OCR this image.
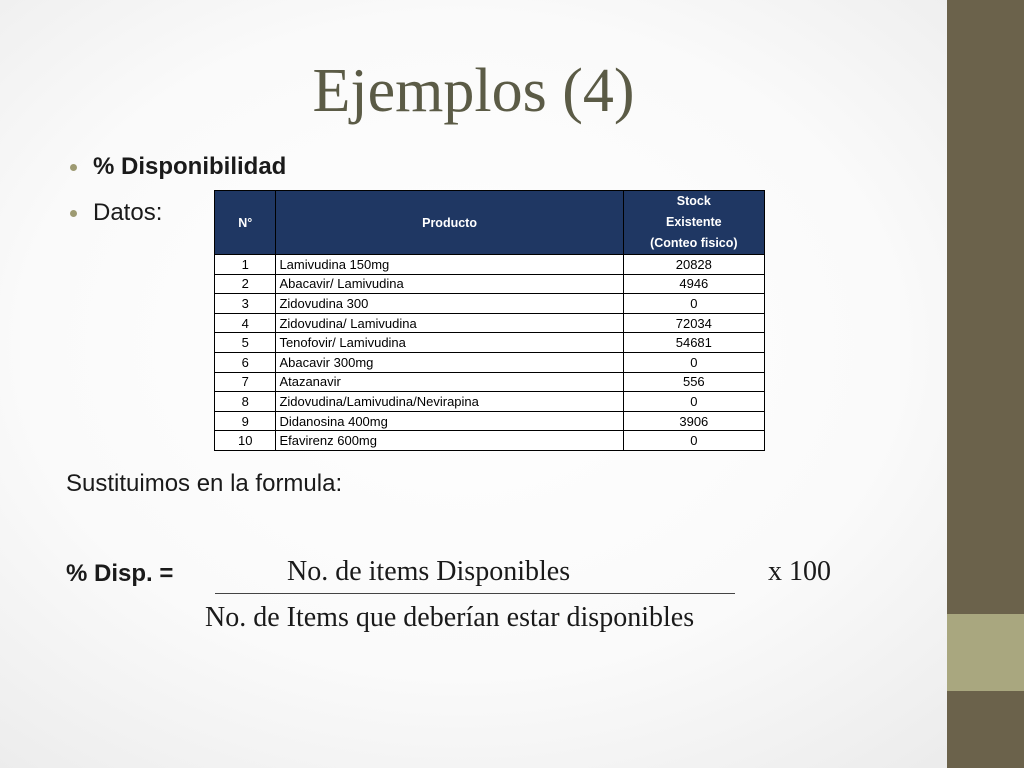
Ejemplos (4)
% Disponibilidad
Datos:	N°	Producto	Stock
Existente
(Conteo fisico)

1	Lamivudina 150mg	20828
2	Abacavir/ Lamivudina	4946
3	Zidovudina 300	0
4	Zidovudina/ Lamivudina	72034
5	Tenofovir/ Lamivudina	54681
6	Abacavir 300mg	0
7	Atazanavir	556
8	Zidovudina/Lamivudina/Nevirapina	0
9	Didanosina 400mg	3906
10	Efavirenz 600mg	0
Sustituimos en la formula:
% Disp. =	No. de items Disponibles	x 100
No. de Items que deberían estar disponibles
